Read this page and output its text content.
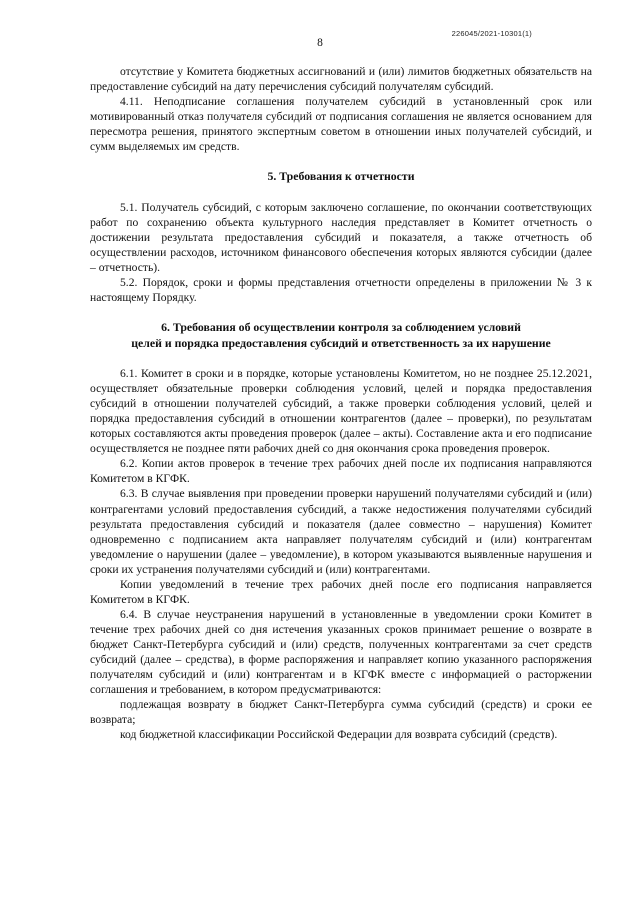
226045/2021-10301(1)
8

отсутствие у Комитета бюджетных ассигнований и (или) лимитов бюджетных обязательств на предоставление субсидий на дату перечисления субсидий получателям субсидий.

4.11. Неподписание соглашения получателем субсидий в установленный срок или мотивированный отказ получателя субсидий от подписания соглашения не является основанием для пересмотра решения, принятого экспертным советом в отношении иных получателей субсидий, и сумм выделяемых им средств.

5. Требования к отчетности

5.1. Получатель субсидий, с которым заключено соглашение, по окончании соответствующих работ по сохранению объекта культурного наследия представляет в Комитет отчетность о достижении результата предоставления субсидий и показателя, а также отчетность об осуществлении расходов, источником финансового обеспечения которых являются субсидии (далее – отчетность).

5.2. Порядок, сроки и формы представления отчетности определены в приложении № 3 к настоящему Порядку.

6. Требования об осуществлении контроля за соблюдением условий
целей и порядка предоставления субсидий и ответственность за их нарушение

6.1. Комитет в сроки и в порядке, которые установлены Комитетом, но не позднее 25.12.2021, осуществляет обязательные проверки соблюдения условий, целей и порядка предоставления субсидий в отношении получателей субсидий, а также проверки соблюдения условий, целей и порядка предоставления субсидий в отношении контрагентов (далее – проверки), по результатам которых составляются акты проведения проверок (далее – акты). Составление акта и его подписание осуществляется не позднее пяти рабочих дней со дня окончания срока проведения проверок.

6.2. Копии актов проверок в течение трех рабочих дней после их подписания направляются Комитетом в КГФК.

6.3. В случае выявления при проведении проверки нарушений получателями субсидий и (или) контрагентами условий предоставления субсидий, а также недостижения получателями субсидий результата предоставления субсидий и показателя (далее совместно – нарушения) Комитет одновременно с подписанием акта направляет получателям субсидий и (или) контрагентам уведомление о нарушении (далее – уведомление), в котором указываются выявленные нарушения и сроки их устранения получателями субсидий и (или) контрагентами.

Копии уведомлений в течение трех рабочих дней после его подписания направляется Комитетом в КГФК.

6.4. В случае неустранения нарушений в установленные в уведомлении сроки Комитет в течение трех рабочих дней со дня истечения указанных сроков принимает решение о возврате в бюджет Санкт-Петербурга субсидий и (или) средств, полученных контрагентами за счет средств субсидий (далее – средства), в форме распоряжения и направляет копию указанного распоряжения получателям субсидий и (или) контрагентам и в КГФК вместе с информацией о расторжении соглашения и требованием, в котором предусматриваются:

подлежащая возврату в бюджет Санкт-Петербурга сумма субсидий (средств) и сроки ее возврата;

код бюджетной классификации Российской Федерации для возврата субсидий (средств).
